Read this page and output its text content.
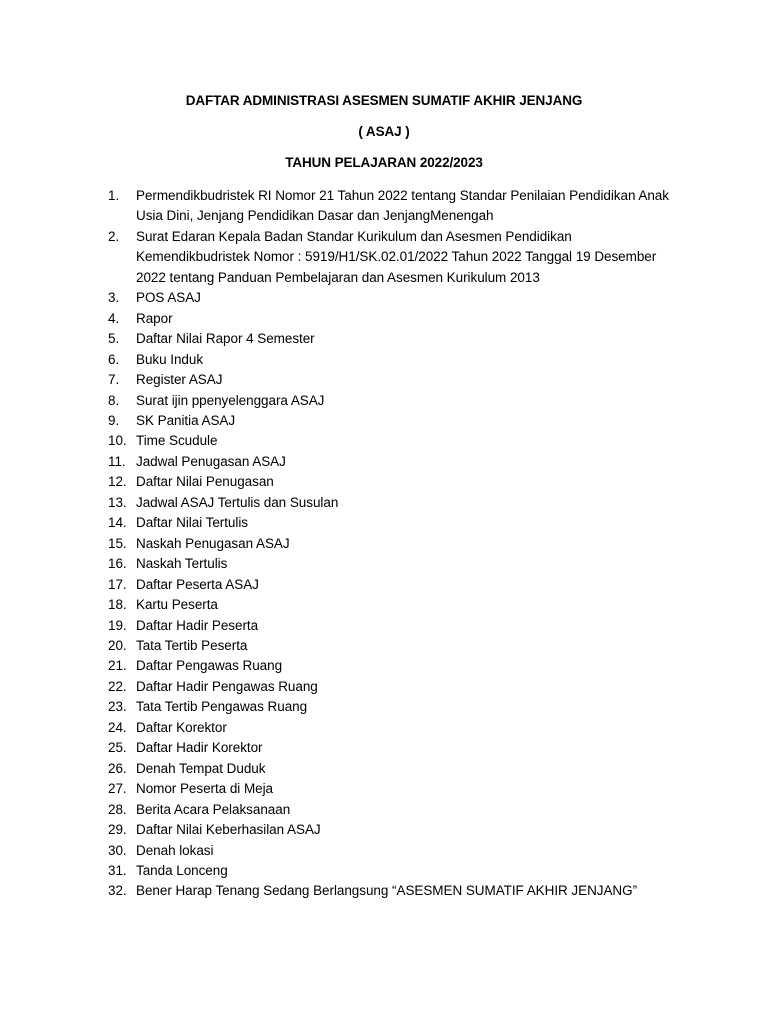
DAFTAR ADMINISTRASI ASESMEN SUMATIF AKHIR JENJANG
( ASAJ )
TAHUN PELAJARAN 2022/2023
1.	Permendikbudristek RI Nomor 21 Tahun 2022 tentang Standar Penilaian Pendidikan Anak Usia Dini, Jenjang Pendidikan Dasar dan JenjangMenengah
2.	Surat Edaran Kepala Badan Standar Kurikulum dan Asesmen Pendidikan Kemendikbudristek Nomor : 5919/H1/SK.02.01/2022 Tahun 2022 Tanggal 19 Desember 2022 tentang Panduan Pembelajaran dan Asesmen Kurikulum 2013
3.	POS ASAJ
4.	Rapor
5.	Daftar Nilai Rapor 4 Semester
6.	Buku Induk
7.	Register ASAJ
8.	Surat ijin ppenyelenggara ASAJ
9.	SK Panitia ASAJ
10. Time Scudule
11. Jadwal Penugasan ASAJ
12. Daftar Nilai Penugasan
13. Jadwal ASAJ Tertulis dan Susulan
14. Daftar Nilai Tertulis
15. Naskah Penugasan ASAJ
16. Naskah Tertulis
17. Daftar Peserta ASAJ
18. Kartu Peserta
19. Daftar Hadir Peserta
20. Tata Tertib Peserta
21. Daftar Pengawas Ruang
22. Daftar Hadir Pengawas Ruang
23. Tata Tertib Pengawas Ruang
24. Daftar Korektor
25. Daftar Hadir Korektor
26. Denah Tempat Duduk
27. Nomor Peserta di Meja
28. Berita Acara Pelaksanaan
29. Daftar Nilai Keberhasilan ASAJ
30. Denah lokasi
31. Tanda Lonceng
32. Bener Harap Tenang Sedang Berlangsung “ASESMEN SUMATIF AKHIR JENJANG”
